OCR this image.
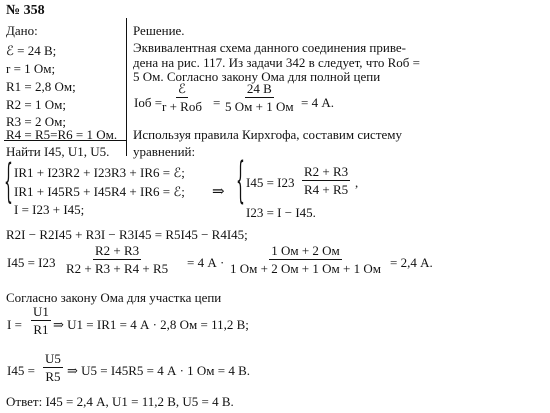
№ 358
Дано:
ℰ = 24 В;
r = 1 Ом;
R1 = 2,8 Ом;
R2 = 1 Ом;
R3 = 2 Ом;
R4 = R5=R6 = 1 Ом.
Найти I45, U1, U5.
Решение.
Эквивалентная схема данного соединения приве-
дена на рис. 117. Из задачи 342 в следует, что Rоб =
5 Ом. Согласно закону Ома для полной цепи
Iоб =
ℰ
r + Rоб =
24 В
5 Ом + 1 Ом = 4 А.
Используя правила Кирхгофа, составим систему
уравнений:
{ IR1 + I23R2 + I23R3 + IR6 = ℰ;
IR1 + I45R5 + I45R4 + IR6 = ℰ;
I = I23 + I45;
⇒ { $I45 = I23 \frac{R2 + R3}{R4 + R5}$ ,
I23 = I − I45.
R2I − R2I45 + R3I − R3I45 = R5I45 − R4I45;
$I45 = I23 \frac{R2 + R3}{R2 + R3 + R4 + R5} = 4$ А ·
1 Ом + 2 Ом
1 Ом + 2 Ом + 1 Ом + 1 Ом = 2,4 А.
Согласно закону Ома для участка цепи
$I = \frac{U1}{R1}$ ⇒ U1 = IR1 = 4 А · 2,8 Ом = 11,2 В;
$I45 = \frac{U5}{R5}$ ⇒ U5 = I45R5 = 4 А · 1 Ом = 4 В.
Ответ: I45 = 2,4 А, U1 = 11,2 В, U5 = 4 В.
